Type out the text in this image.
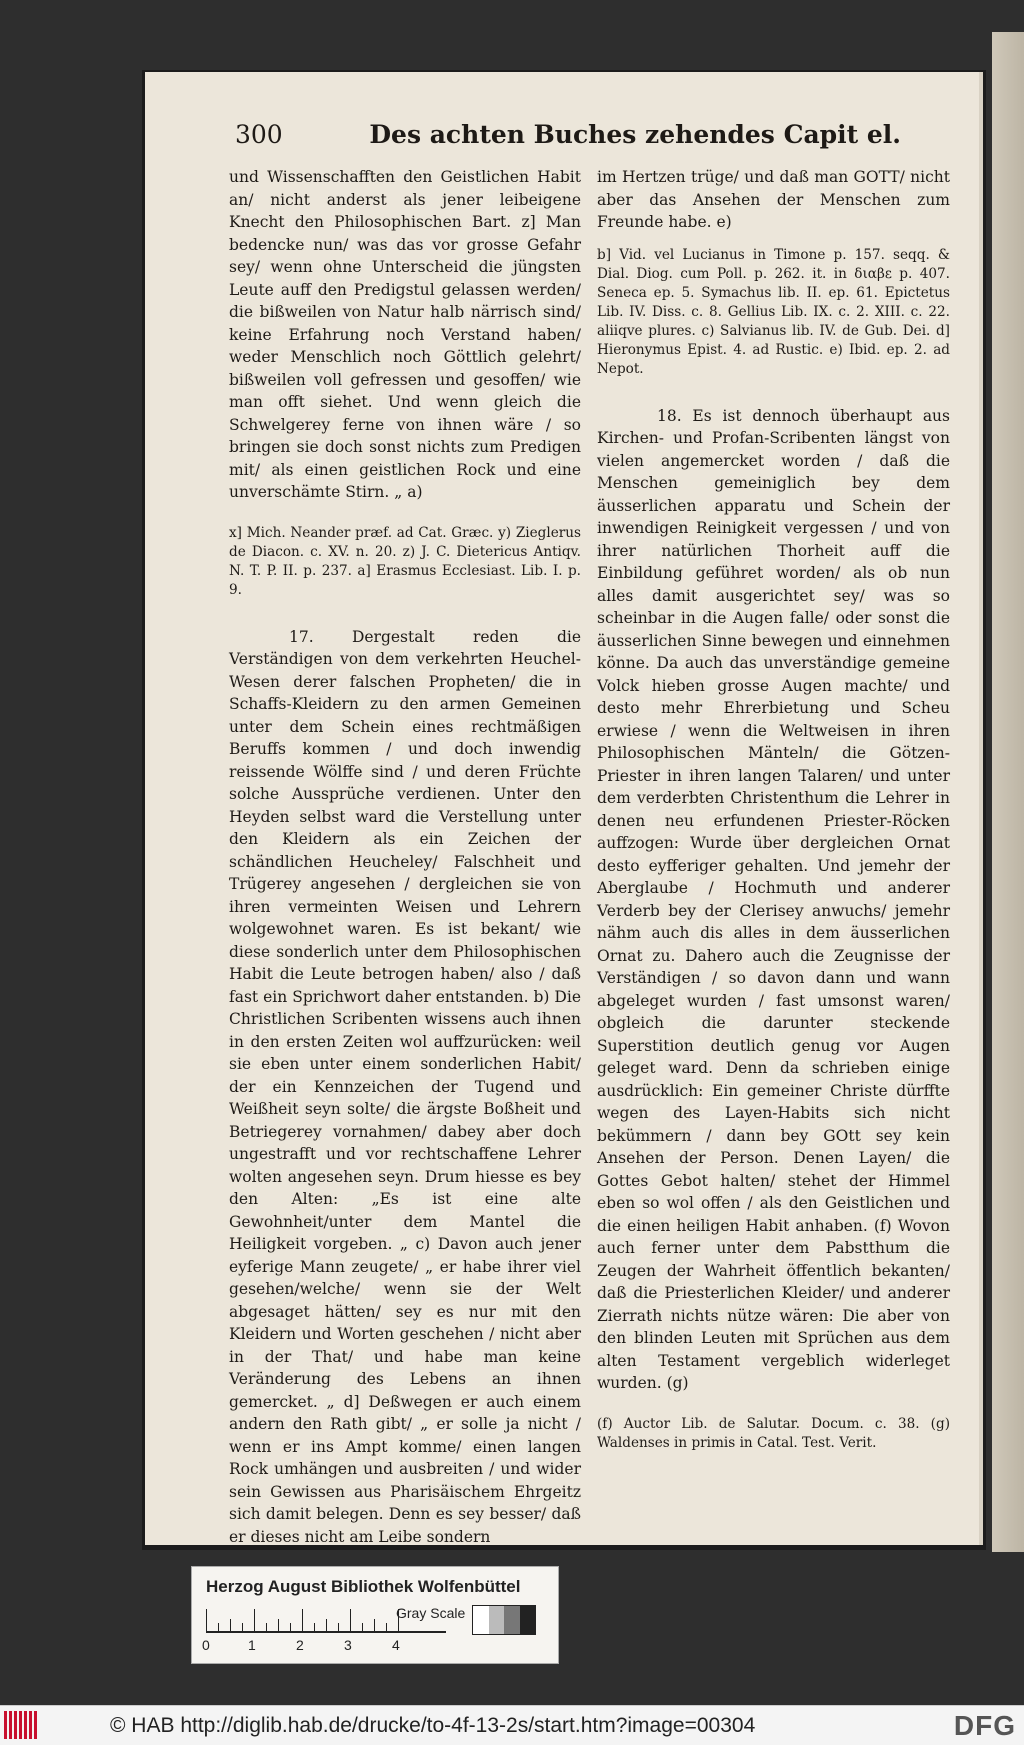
300	Des achten Buches zehendes Capit el.

und Wissenschafften den Geistlichen Habit an/ nicht anderst als jener leibeigene Knecht den Philosophischen Bart. z] Man bedencke nun/ was das vor grosse Gefahr sey/ wenn ohne Unterscheid die jüngsten Leute auff den Predigstul gelassen werden/ die bißweilen von Natur halb närrisch sind/ keine Erfahrung noch Verstand haben/ weder Menschlich noch Göttlich gelehrt/ bißweilen voll gefressen und gesoffen/ wie man offt siehet. Und wenn gleich die Schwelgerey ferne von ihnen wäre / so bringen sie doch sonst nichts zum Predigen mit/ als einen geistlichen Rock und eine unverschämte Stirn. „ a)

x] Mich. Neander præf. ad Cat. Græc. y) Zieglerus de Diacon. c. XV. n. 20. z) J. C. Dietericus Antiqv. N. T. P. II. p. 237. a] Erasmus Ecclesiast. Lib. I. p. 9.

17. Dergestalt reden die Verständigen von dem verkehrten Heuchel-Wesen derer falschen Propheten/ die in Schaffs-Kleidern zu den armen Gemeinen unter dem Schein eines rechtmäßigen Beruffs kommen / und doch inwendig reissende Wölffe sind / und deren Früchte solche Aussprüche verdienen. Unter den Heyden selbst ward die Verstellung unter den Kleidern als ein Zeichen der schändlichen Heucheley/ Falschheit und Trügerey angesehen / dergleichen sie von ihren vermeinten Weisen und Lehrern wolgewohnet waren. Es ist bekant/ wie diese sonderlich unter dem Philosophischen Habit die Leute betrogen haben/ also / daß fast ein Sprichwort daher entstanden. b) Die Christlichen Scribenten wissens auch ihnen in den ersten Zeiten wol auffzurücken: weil sie eben unter einem sonderlichen Habit/ der ein Kennzeichen der Tugend und Weißheit seyn solte/ die ärgste Boßheit und Betriegerey vornahmen/ dabey aber doch ungestrafft und vor rechtschaffene Lehrer wolten angesehen seyn. Drum hiesse es bey den Alten: „Es ist eine alte Gewohnheit/unter dem Mantel die Heiligkeit vorgeben. „ c) Davon auch jener eyferige Mann zeugete/ „ er habe ihrer viel gesehen/welche/ wenn sie der Welt abgesaget hätten/ sey es nur mit den Kleidern und Worten geschehen / nicht aber in der That/ und habe man keine Veränderung des Lebens an ihnen gemercket. „ d] Deßwegen er auch einem andern den Rath gibt/ „ er solle ja nicht / wenn er ins Ampt komme/ einen langen Rock umhängen und ausbreiten / und wider sein Gewissen aus Pharisäischem Ehrgeitz sich damit belegen. Denn es sey besser/ daß er dieses nicht am Leibe sondern

im Hertzen trüge/ und daß man GOTT/ nicht aber das Ansehen der Menschen zum Freunde habe. e)

b] Vid. vel Lucianus in Timone p. 157. seqq. & Dial. Diog. cum Poll. p. 262. it. in διαβε p. 407. Seneca ep. 5. Symachus lib. II. ep. 61. Epictetus Lib. IV. Diss. c. 8. Gellius Lib. IX. c. 2. XIII. c. 22. aliiqve plures. c) Salvianus lib. IV. de Gub. Dei. d] Hieronymus Epist. 4. ad Rustic. e) Ibid. ep. 2. ad Nepot.

18. Es ist dennoch überhaupt aus Kirchen- und Profan-Scribenten längst von vielen angemercket worden / daß die Menschen gemeiniglich bey dem äusserlichen apparatu und Schein der inwendigen Reinigkeit vergessen / und von ihrer natürlichen Thorheit auff die Einbildung geführet worden/ als ob nun alles damit ausgerichtet sey/ was so scheinbar in die Augen falle/ oder sonst die äusserlichen Sinne bewegen und einnehmen könne. Da auch das unverständige gemeine Volck hieben grosse Augen machte/ und desto mehr Ehrerbietung und Scheu erwiese / wenn die Weltweisen in ihren Philosophischen Mänteln/ die Götzen-Priester in ihren langen Talaren/ und unter dem verderbten Christenthum die Lehrer in denen neu erfundenen Priester-Röcken auffzogen: Wurde über dergleichen Ornat desto eyfferiger gehalten. Und jemehr der Aberglaube / Hochmuth und anderer Verderb bey der Clerisey anwuchs/ jemehr nähm auch dis alles in dem äusserlichen Ornat zu. Dahero auch die Zeugnisse der Verständigen / so davon dann und wann abgeleget wurden / fast umsonst waren/ obgleich die darunter steckende Superstition deutlich genug vor Augen geleget ward. Denn da schrieben einige ausdrücklich: Ein gemeiner Christe dürffte wegen des Layen-Habits sich nicht bekümmern / dann bey GOtt sey kein Ansehen der Person. Denen Layen/ die Gottes Gebot halten/ stehet der Himmel eben so wol offen / als den Geistlichen und die einen heiligen Habit anhaben. (f) Wovon auch ferner unter dem Pabstthum die Zeugen der Wahrheit öffentlich bekanten/ daß die Priesterlichen Kleider/ und anderer Zierrath nichts nütze wären: Die aber von den blinden Leuten mit Sprüchen aus dem alten Testament vergeblich widerleget wurden. (g)

(f) Auctor Lib. de Salutar. Docum. c. 38. (g) Waldenses in primis in Catal. Test. Verit.

Herzog August Bibliothek Wolfenbüttel
0	1	2	3	4
Gray Scale
© HAB http://diglib.hab.de/drucke/to-4f-13-2s/start.htm?image=00304	DFG
